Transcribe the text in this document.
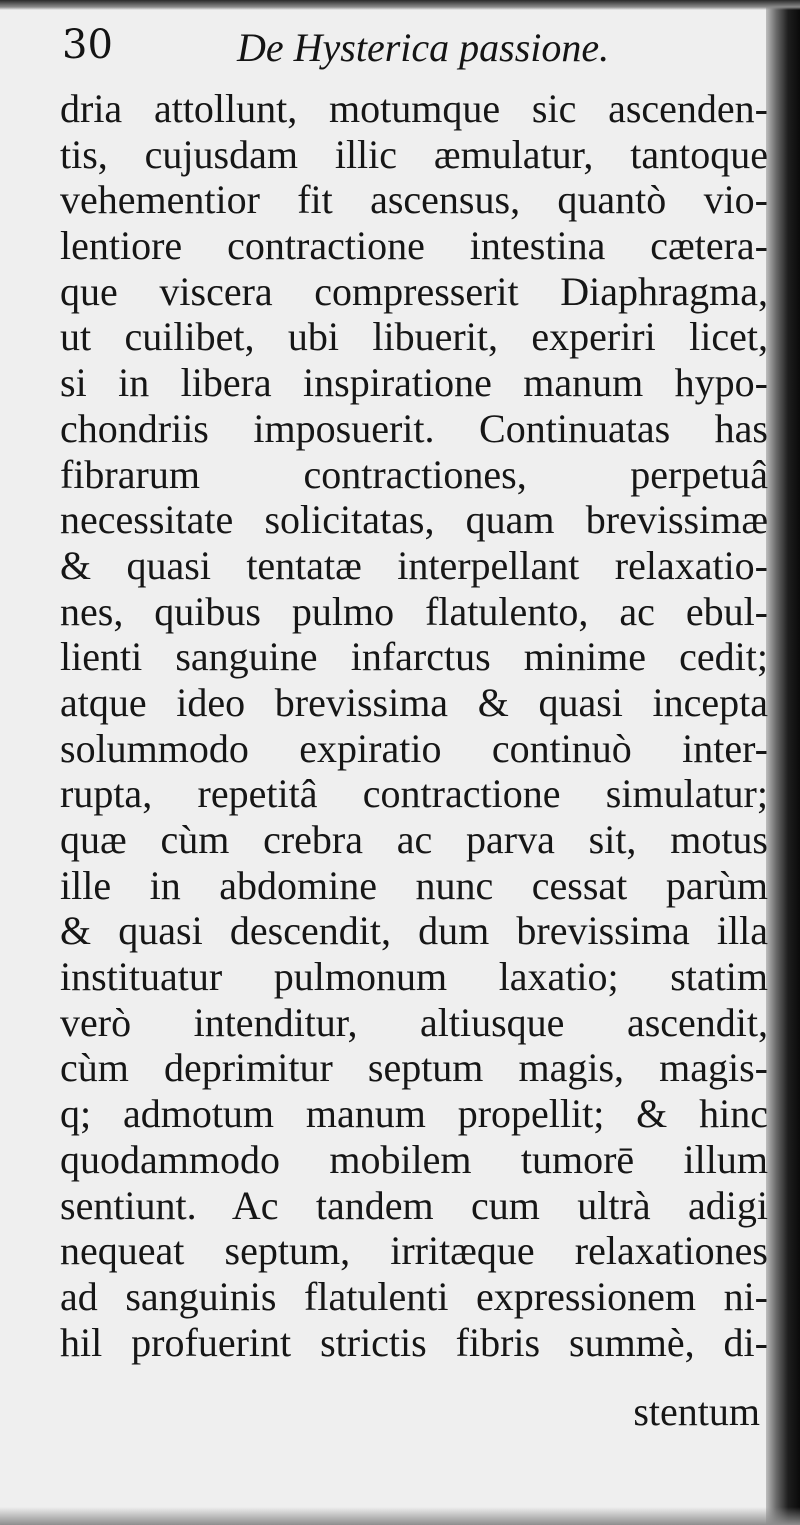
30	De Hysterica passione.
dria attollunt, motumque sic ascenden-
tis, cujusdam illic æmulatur, tantoque
vehementior fit ascensus, quantò vio-
lentiore contractione intestina cætera-
que viscera compresserit Diaphragma,
ut cuilibet, ubi libuerit, experiri licet,
si in libera inspiratione manum hypo-
chondriis imposuerit. Continuatas has
fibrarum contractiones, perpetuâ
necessitate solicitatas, quam brevissimæ
& quasi tentatæ interpellant relaxatio-
nes, quibus pulmo flatulento, ac ebul-
lienti sanguine infarctus minime cedit;
atque ideo brevissima & quasi incepta
solummodo expiratio continuò inter-
rupta, repetitâ contractione simulatur;
quæ cùm crebra ac parva sit, motus
ille in abdomine nunc cessat parùm
& quasi descendit, dum brevissima illa
instituatur pulmonum laxatio; statim
verò intenditur, altiusque ascendit,
cùm deprimitur septum magis, magis-
q; admotum manum propellit; & hinc
quodammodo mobilem tumorē illum
sentiunt. Ac tandem cum ultrà adigi
nequeat septum, irritæque relaxationes
ad sanguinis flatulenti expressionem ni-
hil profuerint strictis fibris summè, di-
stentum
